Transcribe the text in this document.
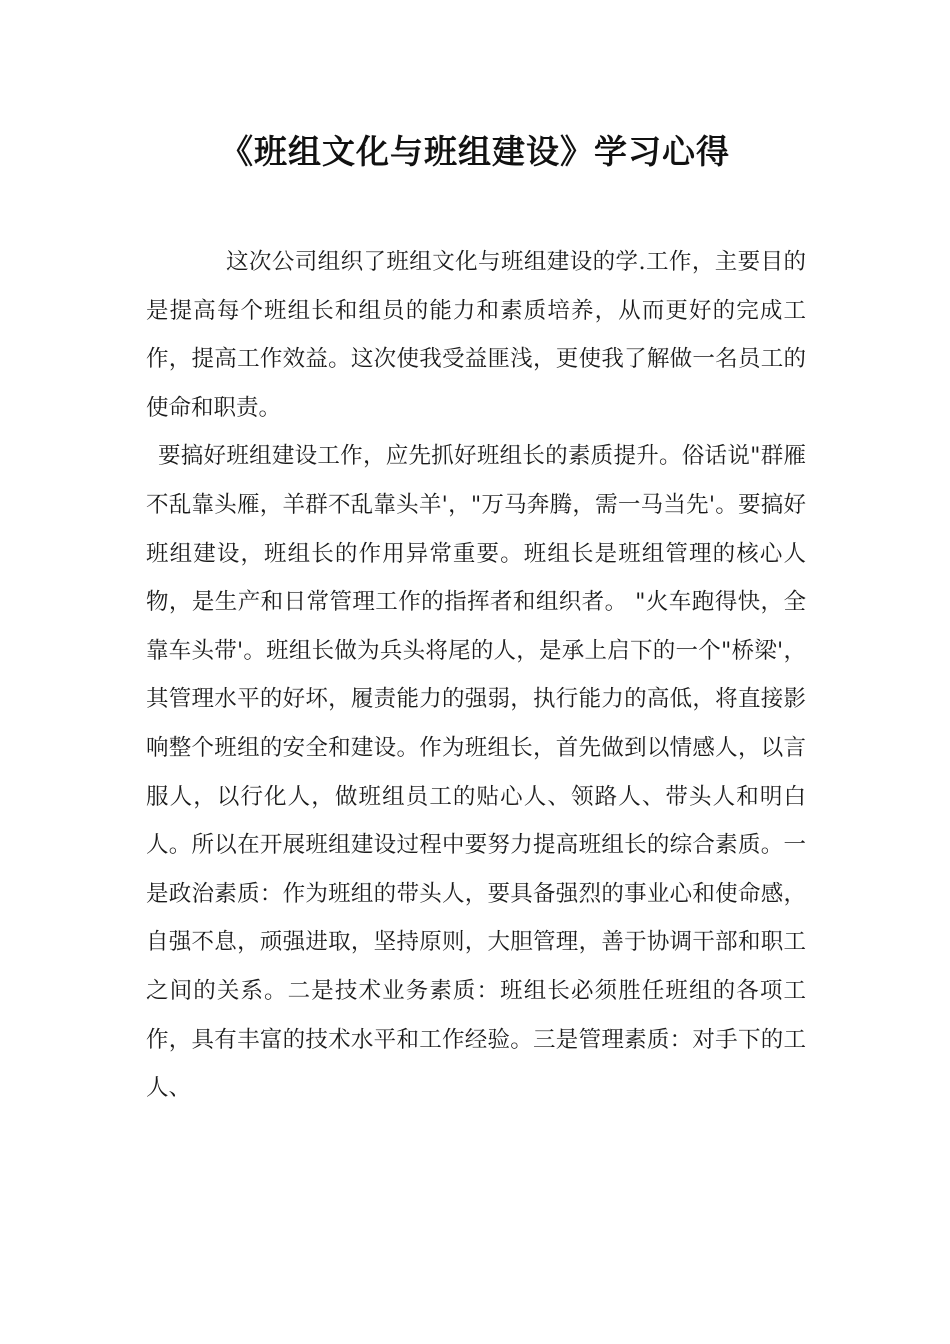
《班组文化与班组建设》学习心得

这次公司组织了班组文化与班组建设的学.工作，主要目的是提高每个班组长和组员的能力和素质培养，从而更好的完成工作，提高工作效益。这次使我受益匪浅，更使我了解做一名员工的使命和职责。

要搞好班组建设工作，应先抓好班组长的素质提升。俗话说"群雁不乱靠头雁，羊群不乱靠头羊'，"万马奔腾，需一马当先'。要搞好班组建设，班组长的作用异常重要。班组长是班组管理的核心人物，是生产和日常管理工作的指挥者和组织者。 "火车跑得快，全靠车头带'。班组长做为兵头将尾的人，是承上启下的一个"桥梁'，其管理水平的好坏，履责能力的强弱，执行能力的高低，将直接影响整个班组的安全和建设。作为班组长，首先做到以情感人，以言服人，以行化人，做班组员工的贴心人、领路人、带头人和明白人。所以在开展班组建设过程中要努力提高班组长的综合素质。一是政治素质：作为班组的带头人，要具备强烈的事业心和使命感，自强不息，顽强进取，坚持原则，大胆管理，善于协调干部和职工之间的关系。二是技术业务素质：班组长必须胜任班组的各项工作，具有丰富的技术水平和工作经验。三是管理素质：对手下的工人、
